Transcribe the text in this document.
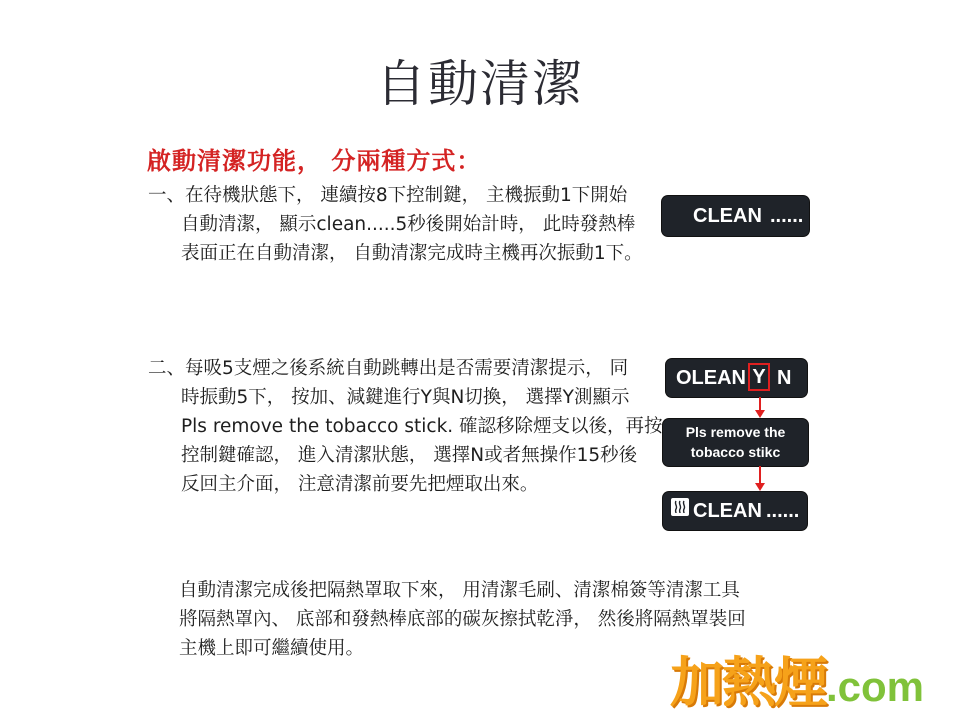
自動清潔
啟動清潔功能， 分兩種方式：
一、在待機狀態下， 連續按8下控制鍵， 主機振動1下開始
自動清潔， 顯示clean.....5秒後開始計時， 此時發熱棒
表面正在自動清潔， 自動清潔完成時主機再次振動1下。
二、每吸5支煙之後系統自動跳轉出是否需要清潔提示， 同
時振動5下， 按加、減鍵進行Y與N切換， 選擇Y測顯示
Pls remove the tobacco stick. 確認移除煙支以後，再按
控制鍵確認， 進入清潔狀態， 選擇N或者無操作15秒後
反回主介面， 注意清潔前要先把煙取出來。
自動清潔完成後把隔熱罩取下來， 用清潔毛刷、清潔棉簽等清潔工具
將隔熱罩內、 底部和發熱棒底部的碳灰擦拭乾淨， 然後將隔熱罩裝回
主機上即可繼續使用。
CLEAN ......
OLEAN Y N
Pls remove the
tobacco stikc
CLEAN ......
加熱煙.com
